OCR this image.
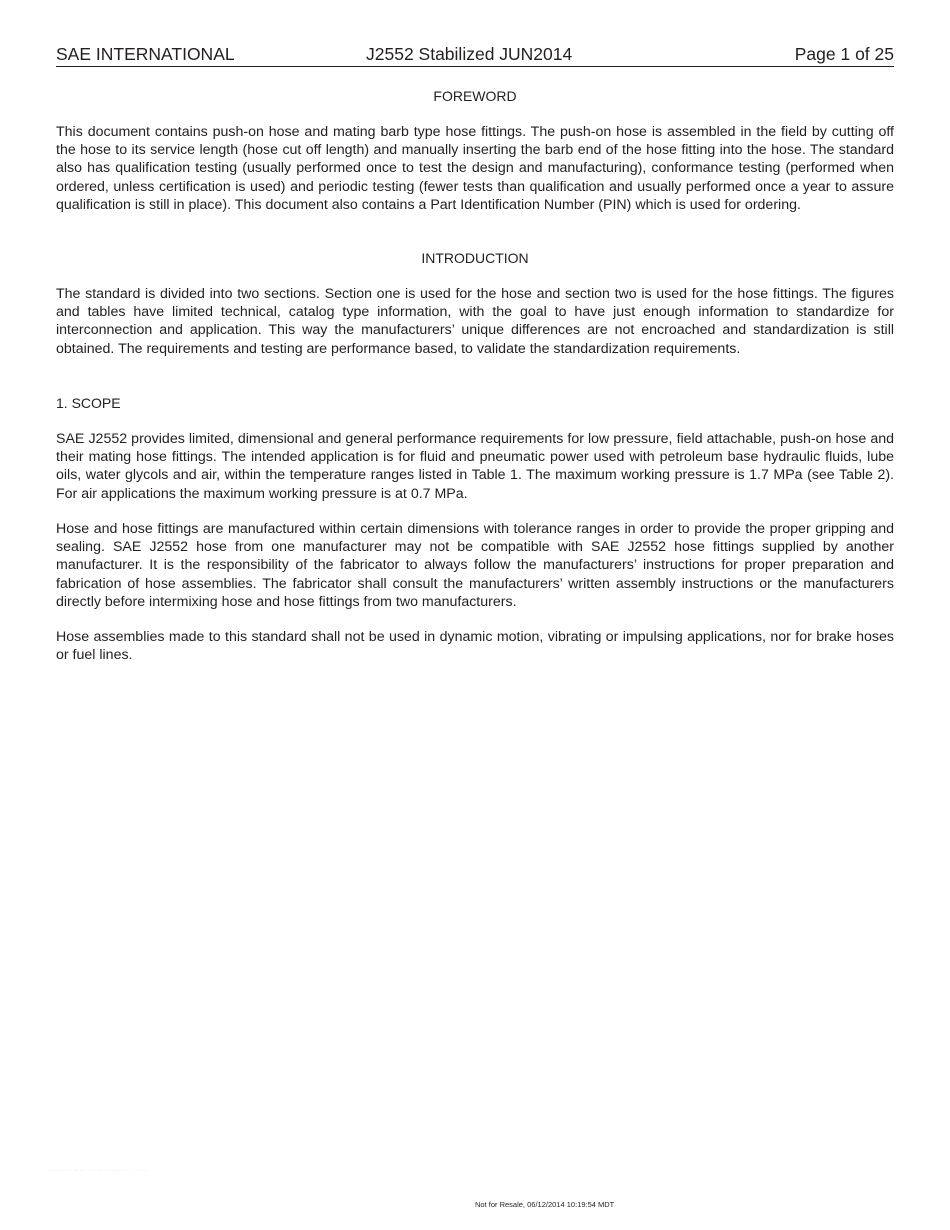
SAE INTERNATIONAL	J2552 Stabilized JUN2014	Page 1 of 25
FOREWORD
This document contains push-on hose and mating barb type hose fittings. The push-on hose is assembled in the field by cutting off the hose to its service length (hose cut off length) and manually inserting the barb end of the hose fitting into the hose. The standard also has qualification testing (usually performed once to test the design and manufacturing), conformance testing (performed when ordered, unless certification is used) and periodic testing (fewer tests than qualification and usually performed once a year to assure qualification is still in place). This document also contains a Part Identification Number (PIN) which is used for ordering.
INTRODUCTION
The standard is divided into two sections. Section one is used for the hose and section two is used for the hose fittings. The figures and tables have limited technical, catalog type information, with the goal to have just enough information to standardize for interconnection and application. This way the manufacturers’ unique differences are not encroached and standardization is still obtained. The requirements and testing are performance based, to validate the standardization requirements.
1. SCOPE
SAE J2552 provides limited, dimensional and general performance requirements for low pressure, field attachable, push-on hose and their mating hose fittings. The intended application is for fluid and pneumatic power used with petroleum base hydraulic fluids, lube oils, water glycols and air, within the temperature ranges listed in Table 1. The maximum working pressure is 1.7 MPa (see Table 2). For air applications the maximum working pressure is at 0.7 MPa.
Hose and hose fittings are manufactured within certain dimensions with tolerance ranges in order to provide the proper gripping and sealing. SAE J2552 hose from one manufacturer may not be compatible with SAE J2552 hose fittings supplied by another manufacturer. It is the responsibility of the fabricator to always follow the manufacturers’ instructions for proper preparation and fabrication of hose assemblies. The fabricator shall consult the manufacturers’ written assembly instructions or the manufacturers directly before intermixing hose and hose fittings from two manufacturers.
Hose assemblies made to this standard shall not be used in dynamic motion, vibrating or impulsing applications, nor for brake hoses or fuel lines.
····· ··· ····· ··· ······ ····· · · · ·
Not for Resale, 06/12/2014 10:19:54 MDT
